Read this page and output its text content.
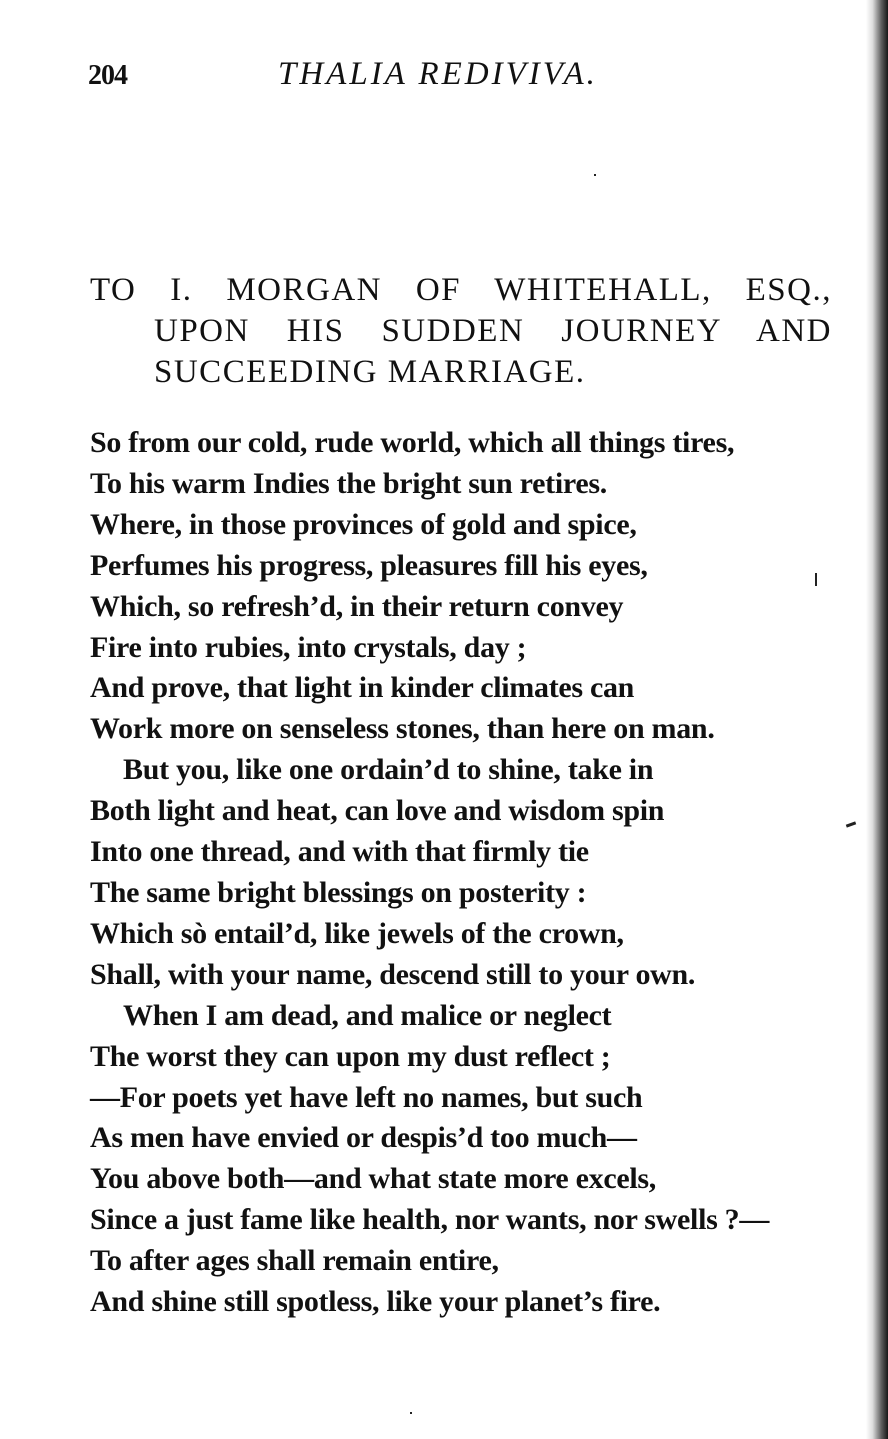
204	THALIA REDIVIVA.
TO I. MORGAN OF WHITEHALL, ESQ.,
UPON HIS SUDDEN JOURNEY AND
SUCCEEDING MARRIAGE.
So from our cold, rude world, which all things tires,
To his warm Indies the bright sun retires.
Where, in those provinces of gold and spice,
Perfumes his progress, pleasures fill his eyes,
Which, so refresh’d, in their return convey
Fire into rubies, into crystals, day ;
And prove, that light in kinder climates can
Work more on senseless stones, than here on man.
But you, like one ordain’d to shine, take in
Both light and heat, can love and wisdom spin
Into one thread, and with that firmly tie
The same bright blessings on posterity :
Which sò entail’d, like jewels of the crown,
Shall, with your name, descend still to your own.
When I am dead, and malice or neglect
The worst they can upon my dust reflect ;
—For poets yet have left no names, but such
As men have envied or despis’d too much—
You above both—and what state more excels,
Since a just fame like health, nor wants, nor swells ?—
To after ages shall remain entire,
And shine still spotless, like your planet’s fire.
